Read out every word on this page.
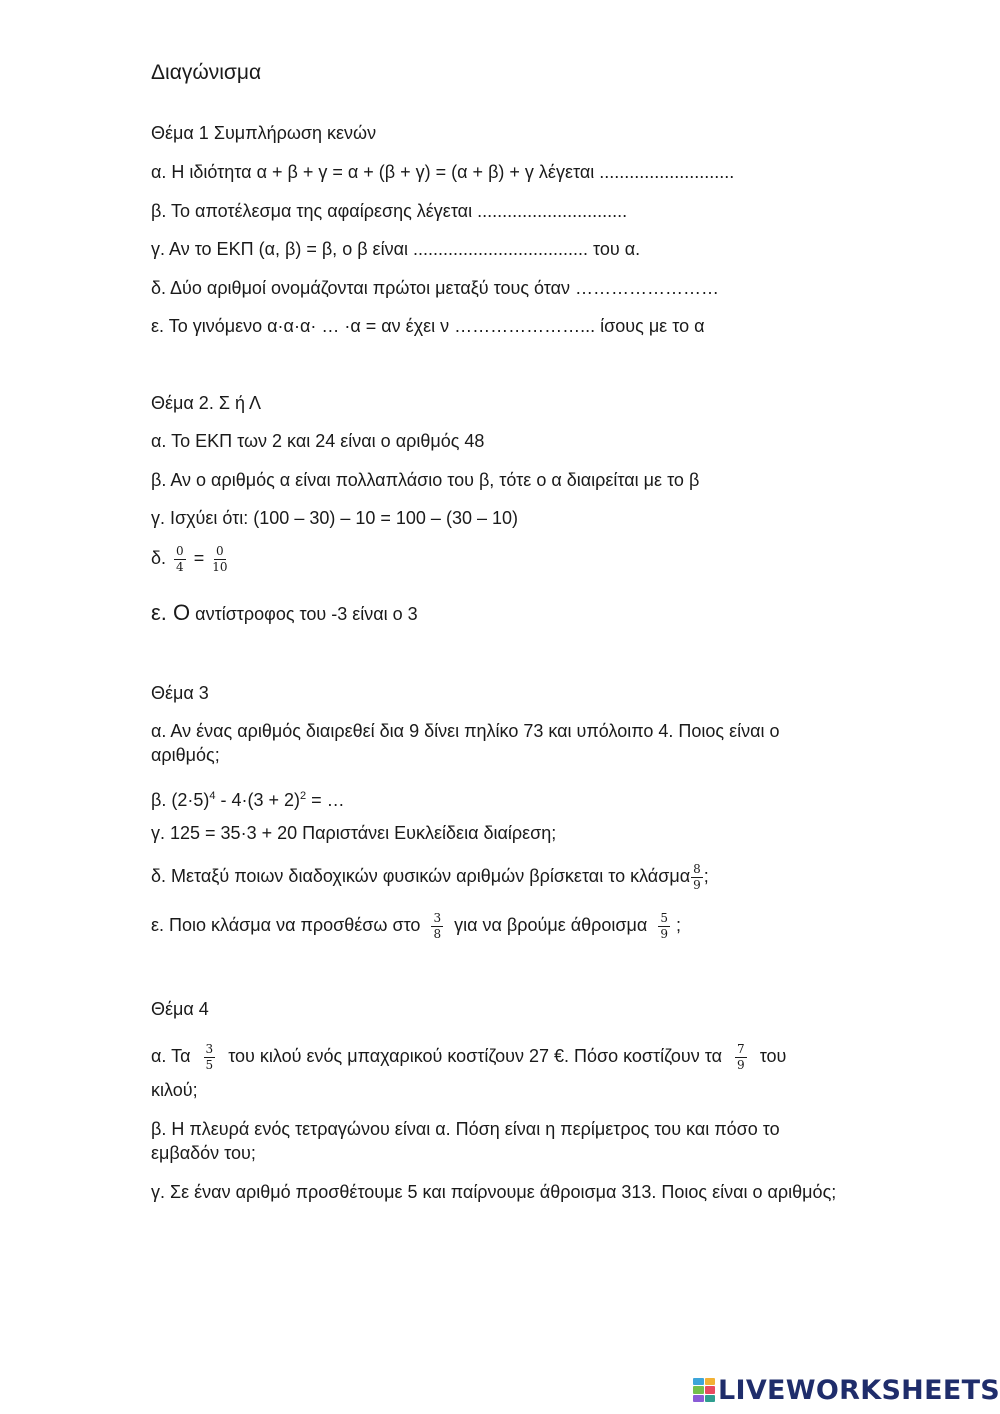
Διαγώνισμα
Θέμα 1 Συμπλήρωση κενών
α. Η ιδιότητα α + β + γ = α + (β + γ) = (α + β) + γ λέγεται ...........................
β. Το αποτέλεσμα της αφαίρεσης λέγεται ..............................
γ. Αν το ΕΚΠ (α, β) = β, ο β είναι ................................... του α.
δ. Δύο αριθμοί ονομάζονται πρώτοι μεταξύ τους όταν ……………………
ε. Το γινόμενο α·α·α· … ·α = αν έχει ν …………………... ίσους με το α
Θέμα 2. Σ ή Λ
α. Το ΕΚΠ των 2 και 24 είναι ο αριθμός 48
β. Αν ο αριθμός α είναι πολλαπλάσιο του β, τότε ο α διαιρείται με το β
γ. Ισχύει ότι: (100 – 30) – 10 = 100 – (30 – 10)
δ. $\frac{0}{4} = \frac{0}{10}$
ε. Ο αντίστροφος του -3 είναι ο 3
Θέμα 3
α. Αν ένας αριθμός διαιρεθεί δια 9 δίνει πηλίκο 73 και υπόλοιπο 4. Ποιος είναι ο αριθμός;
β. $(2\cdot 5)^4 - 4\cdot(3 + 2)^2$ = …
γ. 125 = 35·3 + 20 Παριστάνει Ευκλείδεια διαίρεση;
δ. Μεταξύ ποιων διαδοχικών φυσικών αριθμών βρίσκεται το κλάσμα $\frac{8}{9}$ ;
ε. Ποιο κλάσμα να προσθέσω στο $\frac{3}{8}$ για να βρούμε άθροισμα $\frac{5}{9}$ ;
Θέμα 4
α. Τα $\frac{3}{5}$ του κιλού ενός μπαχαρικού κοστίζουν 27 €. Πόσο κοστίζουν τα $\frac{7}{9}$ του
κιλού;
β. Η πλευρά ενός τετραγώνου είναι α. Πόση είναι η περίμετρος του και πόσο το εμβαδόν του;
γ. Σε έναν αριθμό προσθέτουμε 5 και παίρνουμε άθροισμα 313. Ποιος είναι ο αριθμός;
LIVEWORKSHEETS
